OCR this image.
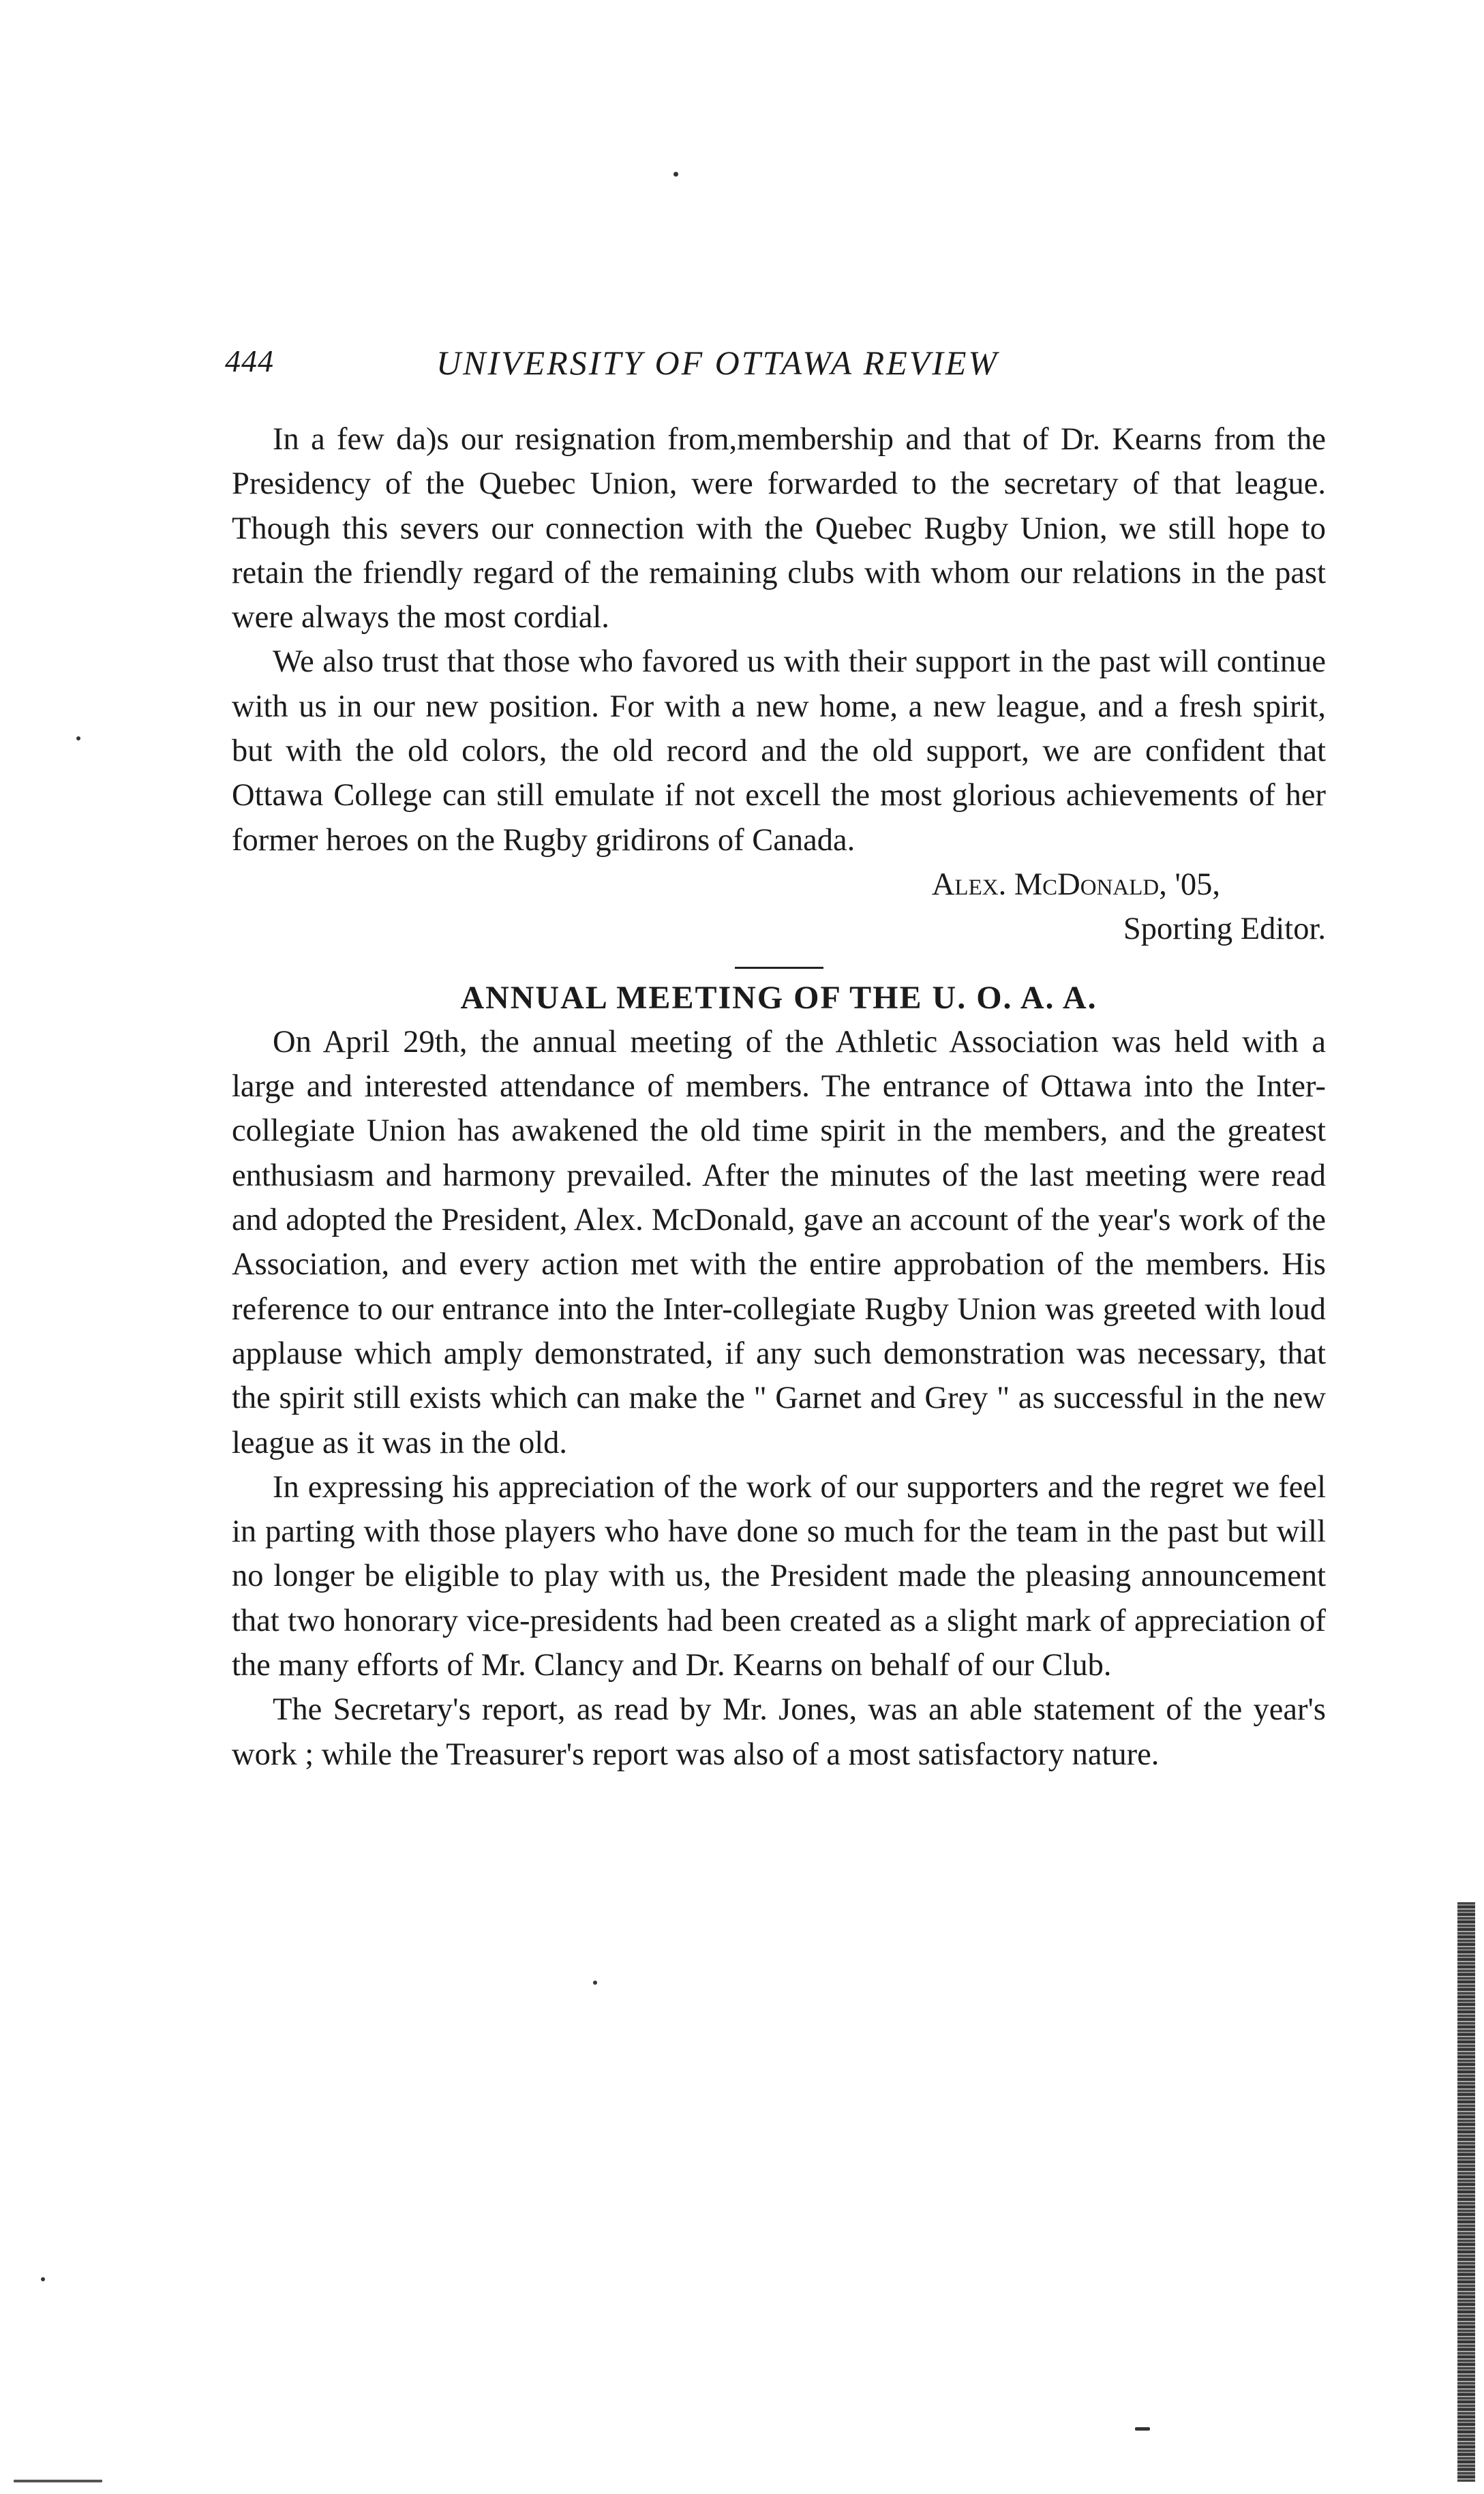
444	UNIVERSITY OF OTTAWA REVIEW

In a few da)s our resignation from,membership and that of Dr. Kearns from the Presidency of the Quebec Union, were forwarded to the secretary of that league. Though this severs our connection with the Quebec Rugby Union, we still hope to retain the friendly regard of the remaining clubs with whom our relations in the past were always the most cordial.

We also trust that those who favored us with their support in the past will continue with us in our new position. For with a new home, a new league, and a fresh spirit, but with the old colors, the old record and the old support, we are confident that Ottawa College can still emulate if not excell the most glorious achievements of her former heroes on the Rugby gridirons of Canada.

Alex. McDonald, '05,

Sporting Editor.

ANNUAL MEETING OF THE U. O. A. A.

On April 29th, the annual meeting of the Athletic Association was held with a large and interested attendance of members. The entrance of Ottawa into the Inter-collegiate Union has awakened the old time spirit in the members, and the greatest enthusiasm and harmony prevailed. After the minutes of the last meeting were read and adopted the President, Alex. McDonald, gave an account of the year's work of the Association, and every action met with the entire approbation of the members. His reference to our entrance into the Inter-collegiate Rugby Union was greeted with loud applause which amply demonstrated, if any such demonstration was necessary, that the spirit still exists which can make the " Garnet and Grey " as successful in the new league as it was in the old.

In expressing his appreciation of the work of our supporters and the regret we feel in parting with those players who have done so much for the team in the past but will no longer be eligible to play with us, the President made the pleasing announcement that two honorary vice-presidents had been created as a slight mark of appreciation of the many efforts of Mr. Clancy and Dr. Kearns on behalf of our Club.

The Secretary's report, as read by Mr. Jones, was an able statement of the year's work ; while the Treasurer's report was also of a most satisfactory nature.
